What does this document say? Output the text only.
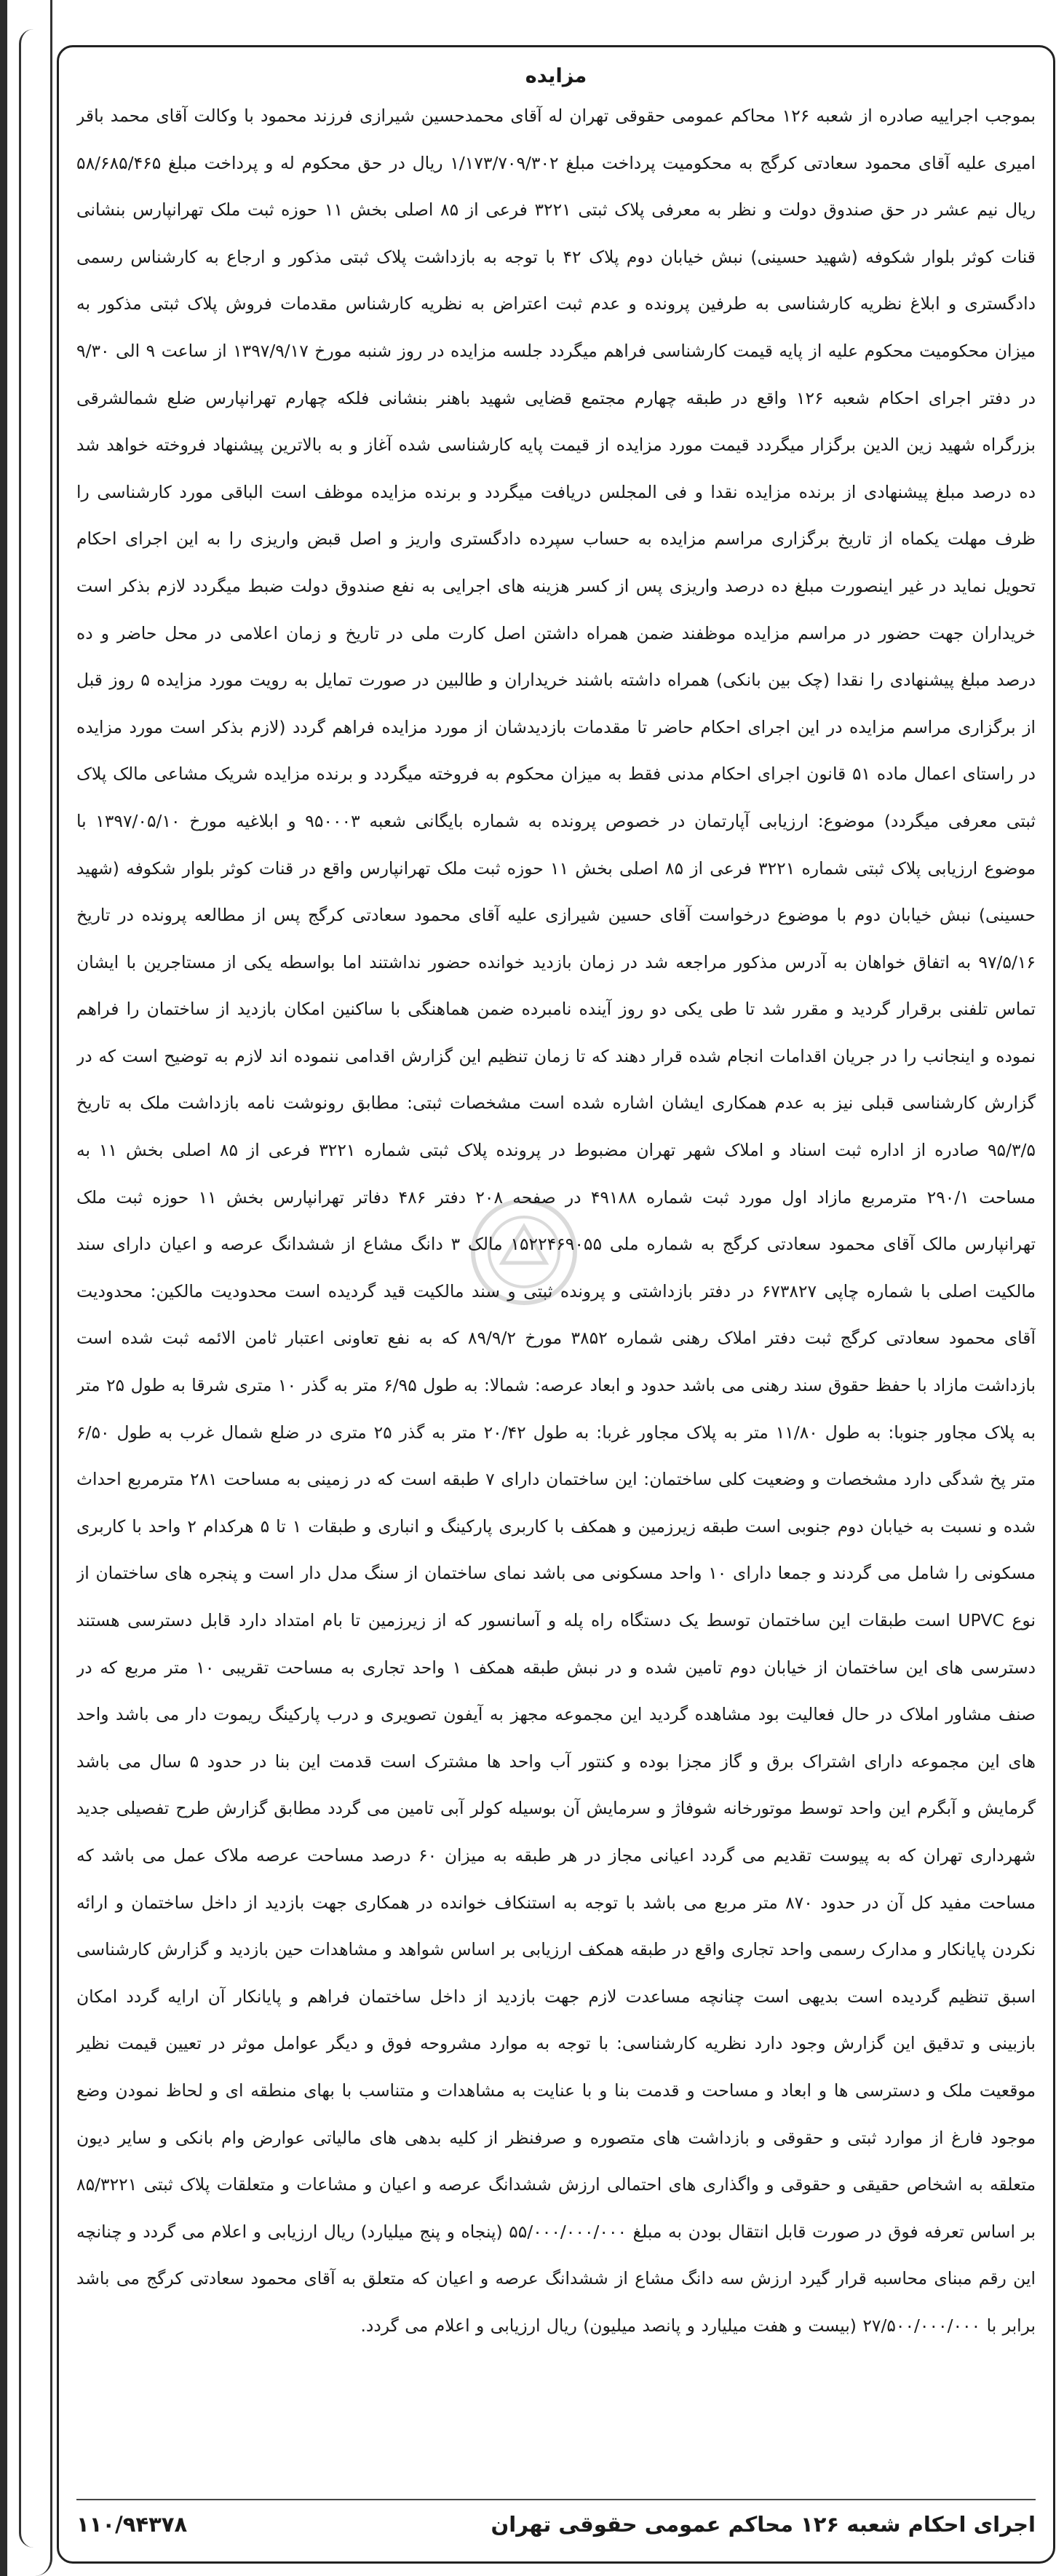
مزایده

بموجب اجراییه صادره از شعبه ۱۲۶ محاکم عمومی حقوقی تهران له آقای محمدحسین شیرازی فرزند محمود با وکالت آقای محمد باقر امیری علیه آقای محمود سعادتی کرگج به محکومیت پرداخت مبلغ ۱/۱۷۳/۷۰۹/۳۰۲ ریال در حق محکوم له و پرداخت مبلغ ۵۸/۶۸۵/۴۶۵ ریال نیم عشر در حق صندوق دولت و نظر به معرفی پلاک ثبتی ۳۲۲۱ فرعی از ۸۵ اصلی بخش ۱۱ حوزه ثبت ملک تهرانپارس بنشانی قنات کوثر بلوار شکوفه (شهید حسینی) نبش خیابان دوم پلاک ۴۲ با توجه به بازداشت پلاک ثبتی مذکور و ارجاع به کارشناس رسمی دادگستری و ابلاغ نظریه کارشناسی به طرفین پرونده و عدم ثبت اعتراض به نظریه کارشناس مقدمات فروش پلاک ثبتی مذکور به میزان محکومیت محکوم علیه از پایه قیمت کارشناسی فراهم میگردد جلسه مزایده در روز شنبه مورخ ۱۳۹۷/۹/۱۷ از ساعت ۹ الی ۹/۳۰ در دفتر اجرای احکام شعبه ۱۲۶ واقع در طبقه چهارم مجتمع قضایی شهید باهنر بنشانی فلکه چهارم تهرانپارس ضلع شمالشرقی بزرگراه شهید زین الدین برگزار میگردد قیمت مورد مزایده از قیمت پایه کارشناسی شده آغاز و به بالاترین پیشنهاد فروخته خواهد شد ده درصد مبلغ پیشنهادی از برنده مزایده نقدا و فی المجلس دریافت میگردد و برنده مزایده موظف است الباقی مورد کارشناسی را ظرف مهلت یکماه از تاریخ برگزاری مراسم مزایده به حساب سپرده دادگستری واریز و اصل قبض واریزی را به این اجرای احکام تحویل نماید در غیر اینصورت مبلغ ده درصد واریزی پس از کسر هزینه های اجرایی به نفع صندوق دولت ضبط میگردد لازم بذکر است خریداران جهت حضور در مراسم مزایده موظفند ضمن همراه داشتن اصل کارت ملی در تاریخ و زمان اعلامی در محل حاضر و ده درصد مبلغ پیشنهادی را نقدا (چک بین بانکی) همراه داشته باشند خریداران و طالبین در صورت تمایل به رویت مورد مزایده ۵ روز قبل از برگزاری مراسم مزایده در این اجرای احکام حاضر تا مقدمات بازدیدشان از مورد مزایده فراهم گردد (لازم بذکر است مورد مزایده در راستای اعمال ماده ۵۱ قانون اجرای احکام مدنی فقط به میزان محکوم به فروخته میگردد و برنده مزایده شریک مشاعی مالک پلاک ثبتی معرفی میگردد) موضوع: ارزیابی آپارتمان در خصوص پرونده به شماره بایگانی شعبه ۹۵۰۰۰۳ و ابلاغیه مورخ ۱۳۹۷/۰۵/۱۰ با موضوع ارزیابی پلاک ثبتی شماره ۳۲۲۱ فرعی از ۸۵ اصلی بخش ۱۱ حوزه ثبت ملک تهرانپارس واقع در قنات کوثر بلوار شکوفه (شهید حسینی) نبش خیابان دوم با موضوع درخواست آقای حسین شیرازی علیه آقای محمود سعادتی کرگج پس از مطالعه پرونده در تاریخ ۹۷/۵/۱۶ به اتفاق خواهان به آدرس مذکور مراجعه شد در زمان بازدید خوانده حضور نداشتند اما بواسطه یکی از مستاجرین با ایشان تماس تلفنی برقرار گردید و مقرر شد تا طی یکی دو روز آینده نامبرده ضمن هماهنگی با ساکنین امکان بازدید از ساختمان را فراهم نموده و اینجانب را در جریان اقدامات انجام شده قرار دهند که تا زمان تنظیم این گزارش اقدامی ننموده اند لازم به توضیح است که در گزارش کارشناسی قبلی نیز به عدم همکاری ایشان اشاره شده است مشخصات ثبتی: مطابق رونوشت نامه بازداشت ملک به تاریخ ۹۵/۳/۵ صادره از اداره ثبت اسناد و املاک شهر تهران مضبوط در پرونده پلاک ثبتی شماره ۳۲۲۱ فرعی از ۸۵ اصلی بخش ۱۱ به مساحت ۲۹۰/۱ مترمربع مازاد اول مورد ثبت شماره ۴۹۱۸۸ در صفحه ۲۰۸ دفتر ۴۸۶ دفاتر تهرانپارس بخش ۱۱ حوزه ثبت ملک تهرانپارس مالک آقای محمود سعادتی کرگج به شماره ملی ۱۵۲۲۴۶۹۰۵۵ مالک ۳ دانگ مشاع از ششدانگ عرصه و اعیان دارای سند مالکیت اصلی با شماره چاپی ۶۷۳۸۲۷ در دفتر بازداشتی و پرونده ثبتی و سند مالکیت قید گردیده است محدودیت مالکین: محدودیت آقای محمود سعادتی کرگج ثبت دفتر املاک رهنی شماره ۳۸۵۲ مورخ ۸۹/۹/۲ که به نفع تعاونی اعتبار ثامن الائمه ثبت شده است بازداشت مازاد با حفظ حقوق سند رهنی می باشد حدود و ابعاد عرصه: شمالا: به طول ۶/۹۵ متر به گذر ۱۰ متری شرقا به طول ۲۵ متر به پلاک مجاور جنوبا: به طول ۱۱/۸۰ متر به پلاک مجاور غربا: به طول ۲۰/۴۲ متر به گذر ۲۵ متری در ضلع شمال غرب به طول ۶/۵۰ متر پخ شدگی دارد مشخصات و وضعیت کلی ساختمان: این ساختمان دارای ۷ طبقه است که در زمینی به مساحت ۲۸۱ مترمربع احداث شده و نسبت به خیابان دوم جنوبی است طبقه زیرزمین و همکف با کاربری پارکینگ و انباری و طبقات ۱ تا ۵ هرکدام ۲ واحد با کاربری مسکونی را شامل می گردند و جمعا دارای ۱۰ واحد مسکونی می باشد نمای ساختمان از سنگ مدل دار است و پنجره های ساختمان از نوع UPVC است طبقات این ساختمان توسط یک دستگاه راه پله و آسانسور که از زیرزمین تا بام امتداد دارد قابل دسترسی هستند دسترسی های این ساختمان از خیابان دوم تامین شده و در نبش طبقه همکف ۱ واحد تجاری به مساحت تقریبی ۱۰ متر مربع که در صنف مشاور املاک در حال فعالیت بود مشاهده گردید این مجموعه مجهز به آیفون تصویری و درب پارکینگ ریموت دار می باشد واحد های این مجموعه دارای اشتراک برق و گاز مجزا بوده و کنتور آب واحد ها مشترک است قدمت این بنا در حدود ۵ سال می باشد گرمایش و آبگرم این واحد توسط موتورخانه شوفاژ و سرمایش آن بوسیله کولر آبی تامین می گردد مطابق گزارش طرح تفصیلی جدید شهرداری تهران که به پیوست تقدیم می گردد اعیانی مجاز در هر طبقه به میزان ۶۰ درصد مساحت عرصه ملاک عمل می باشد که مساحت مفید کل آن در حدود ۸۷۰ متر مربع می باشد با توجه به استنکاف خوانده در همکاری جهت بازدید از داخل ساختمان و ارائه نکردن پایانکار و مدارک رسمی واحد تجاری واقع در طبقه همکف ارزیابی بر اساس شواهد و مشاهدات حین بازدید و گزارش کارشناسی اسبق تنظیم گردیده است بدیهی است چنانچه مساعدت لازم جهت بازدید از داخل ساختمان فراهم و پایانکار آن ارایه گردد امکان بازبینی و تدقیق این گزارش وجود دارد نظریه کارشناسی: با توجه به موارد مشروحه فوق و دیگر عوامل موثر در تعیین قیمت نظیر موقعیت ملک و دسترسی ها و ابعاد و مساحت و قدمت بنا و با عنایت به مشاهدات و متناسب با بهای منطقه ای و لحاظ نمودن وضع موجود فارغ از موارد ثبتی و حقوقی و بازداشت های متصوره و صرفنظر از کلیه بدهی های مالیاتی عوارض وام بانکی و سایر دیون متعلقه به اشخاص حقیقی و حقوقی و واگذاری های احتمالی ارزش ششدانگ عرصه و اعیان و مشاعات و متعلقات پلاک ثبتی ۸۵/۳۲۲۱ بر اساس تعرفه فوق در صورت قابل انتقال بودن به مبلغ ۵۵/۰۰۰/۰۰۰/۰۰۰ (پنجاه و پنج میلیارد) ریال ارزیابی و اعلام می گردد و چنانچه این رقم مبنای محاسبه قرار گیرد ارزش سه دانگ مشاع از ششدانگ عرصه و اعیان که متعلق به آقای محمود سعادتی کرگج می باشد برابر با ۲۷/۵۰۰/۰۰۰/۰۰۰ (بیست و هفت میلیارد و پانصد میلیون) ریال ارزیابی و اعلام می گردد.

اجرای احکام شعبه ۱۲۶ محاکم عمومی حقوقی تهران
۱۱۰/۹۴۳۷۸
